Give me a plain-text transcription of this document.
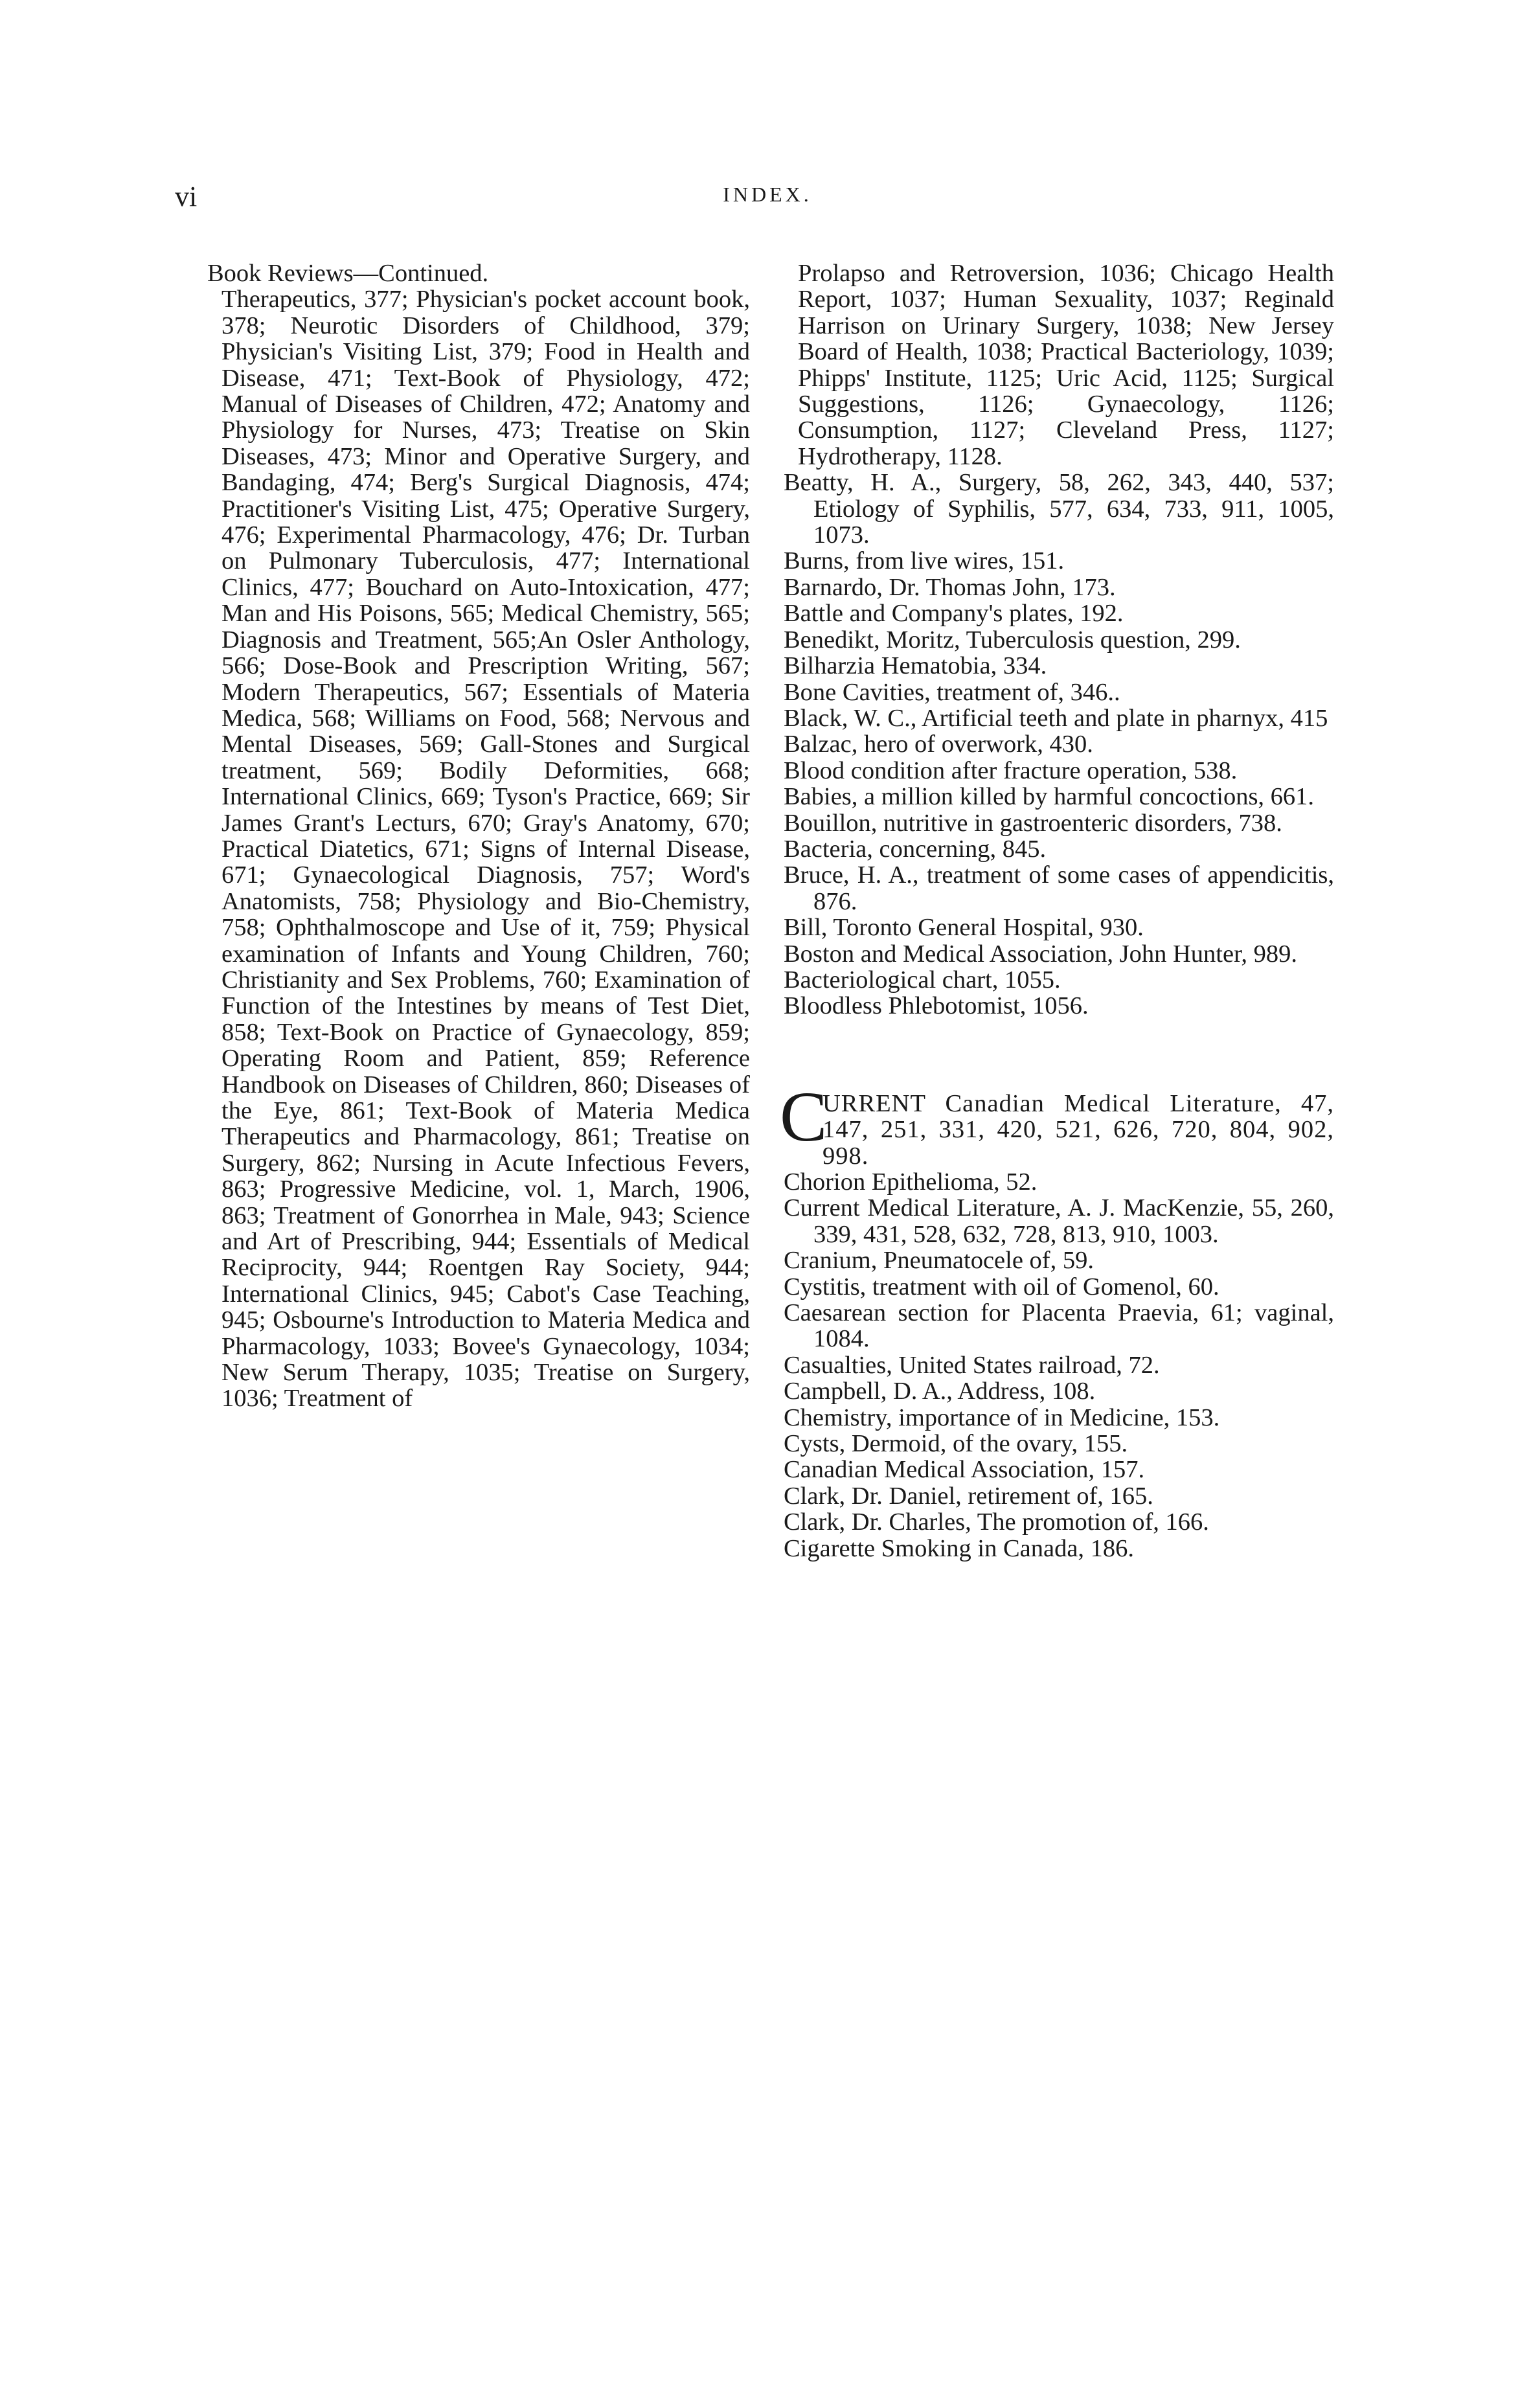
vi	INDEX.
Book Reviews—Continued.
Therapeutics, 377; Physician's pocket account book, 378; Neurotic Disorders of Childhood, 379; Physician's Visiting List, 379; Food in Health and Disease, 471; Text-Book of Physiology, 472; Manual of Diseases of Children, 472; Anatomy and Physiology for Nurses, 473; Treatise on Skin Diseases, 473; Minor and Operative Surgery, and Bandaging, 474; Berg's Surgical Diagnosis, 474; Practitioner's Visiting List, 475; Operative Surgery, 476; Experimental Pharmacology, 476; Dr. Turban on Pulmonary Tuberculosis, 477; International Clinics, 477; Bouchard on Auto-Intoxication, 477; Man and His Poisons, 565; Medical Chemistry, 565; Diagnosis and Treatment, 565;An Osler Anthology, 566; Dose-Book and Prescription Writing, 567; Modern Therapeutics, 567; Essentials of Materia Medica, 568; Williams on Food, 568; Nervous and Mental Diseases, 569; Gall-Stones and Surgical treatment, 569; Bodily Deformities, 668; International Clinics, 669; Tyson's Practice, 669; Sir James Grant's Lecturs, 670; Gray's Anatomy, 670; Practical Diatetics, 671; Signs of Internal Disease, 671; Gynaecological Diagnosis, 757; Word's Anatomists, 758; Physiology and Bio-Chemistry, 758; Ophthalmoscope and Use of it, 759; Physical examination of Infants and Young Children, 760; Christianity and Sex Problems, 760; Examination of Function of the Intestines by means of Test Diet, 858; Text-Book on Practice of Gynaecology, 859; Operating Room and Patient, 859; Reference Handbook on Diseases of Children, 860; Diseases of the Eye, 861; Text-Book of Materia Medica Therapeutics and Pharmacology, 861; Treatise on Surgery, 862; Nursing in Acute Infectious Fevers, 863; Progressive Medicine, vol. 1, March, 1906, 863; Treatment of Gonorrhea in Male, 943; Science and Art of Prescribing, 944; Essentials of Medical Reciprocity, 944; Roentgen Ray Society, 944; International Clinics, 945; Cabot's Case Teaching, 945; Osbourne's Introduction to Materia Medica and Pharmacology, 1033; Bovee's Gynaecology, 1034; New Serum Therapy, 1035; Treatise on Surgery, 1036; Treatment of
Prolapso and Retroversion, 1036; Chicago Health Report, 1037; Human Sexuality, 1037; Reginald Harrison on Urinary Surgery, 1038; New Jersey Board of Health, 1038; Practical Bacteriology, 1039; Phipps' Institute, 1125; Uric Acid, 1125; Surgical Suggestions, 1126; Gynaecology, 1126; Consumption, 1127; Cleveland Press, 1127; Hydrotherapy, 1128.
Beatty, H. A., Surgery, 58, 262, 343, 440, 537; Etiology of Syphilis, 577, 634, 733, 911, 1005, 1073.
Burns, from live wires, 151.
Barnardo, Dr. Thomas John, 173.
Battle and Company's plates, 192.
Benedikt, Moritz, Tuberculosis question, 299.
Bilharzia Hematobia, 334.
Bone Cavities, treatment of, 346..
Black, W. C., Artificial teeth and plate in pharnyx, 415
Balzac, hero of overwork, 430.
Blood condition after fracture operation, 538.
Babies, a million killed by harmful concoctions, 661.
Bouillon, nutritive in gastroenteric disorders, 738.
Bacteria, concerning, 845.
Bruce, H. A., treatment of some cases of appendicitis, 876.
Bill, Toronto General Hospital, 930.
Boston and Medical Association, John Hunter, 989.
Bacteriological chart, 1055.
Bloodless Phlebotomist, 1056.
C
URRENT Canadian Medical Literature, 47, 147, 251, 331, 420, 521, 626, 720, 804, 902, 998.
Chorion Epithelioma, 52.
Current Medical Literature, A. J. MacKenzie, 55, 260, 339, 431, 528, 632, 728, 813, 910, 1003.
Cranium, Pneumatocele of, 59.
Cystitis, treatment with oil of Gomenol, 60.
Caesarean section for Placenta Praevia, 61; vaginal, 1084.
Casualties, United States railroad, 72.
Campbell, D. A., Address, 108.
Chemistry, importance of in Medicine, 153.
Cysts, Dermoid, of the ovary, 155.
Canadian Medical Association, 157.
Clark, Dr. Daniel, retirement of, 165.
Clark, Dr. Charles, The promotion of, 166.
Cigarette Smoking in Canada, 186.
